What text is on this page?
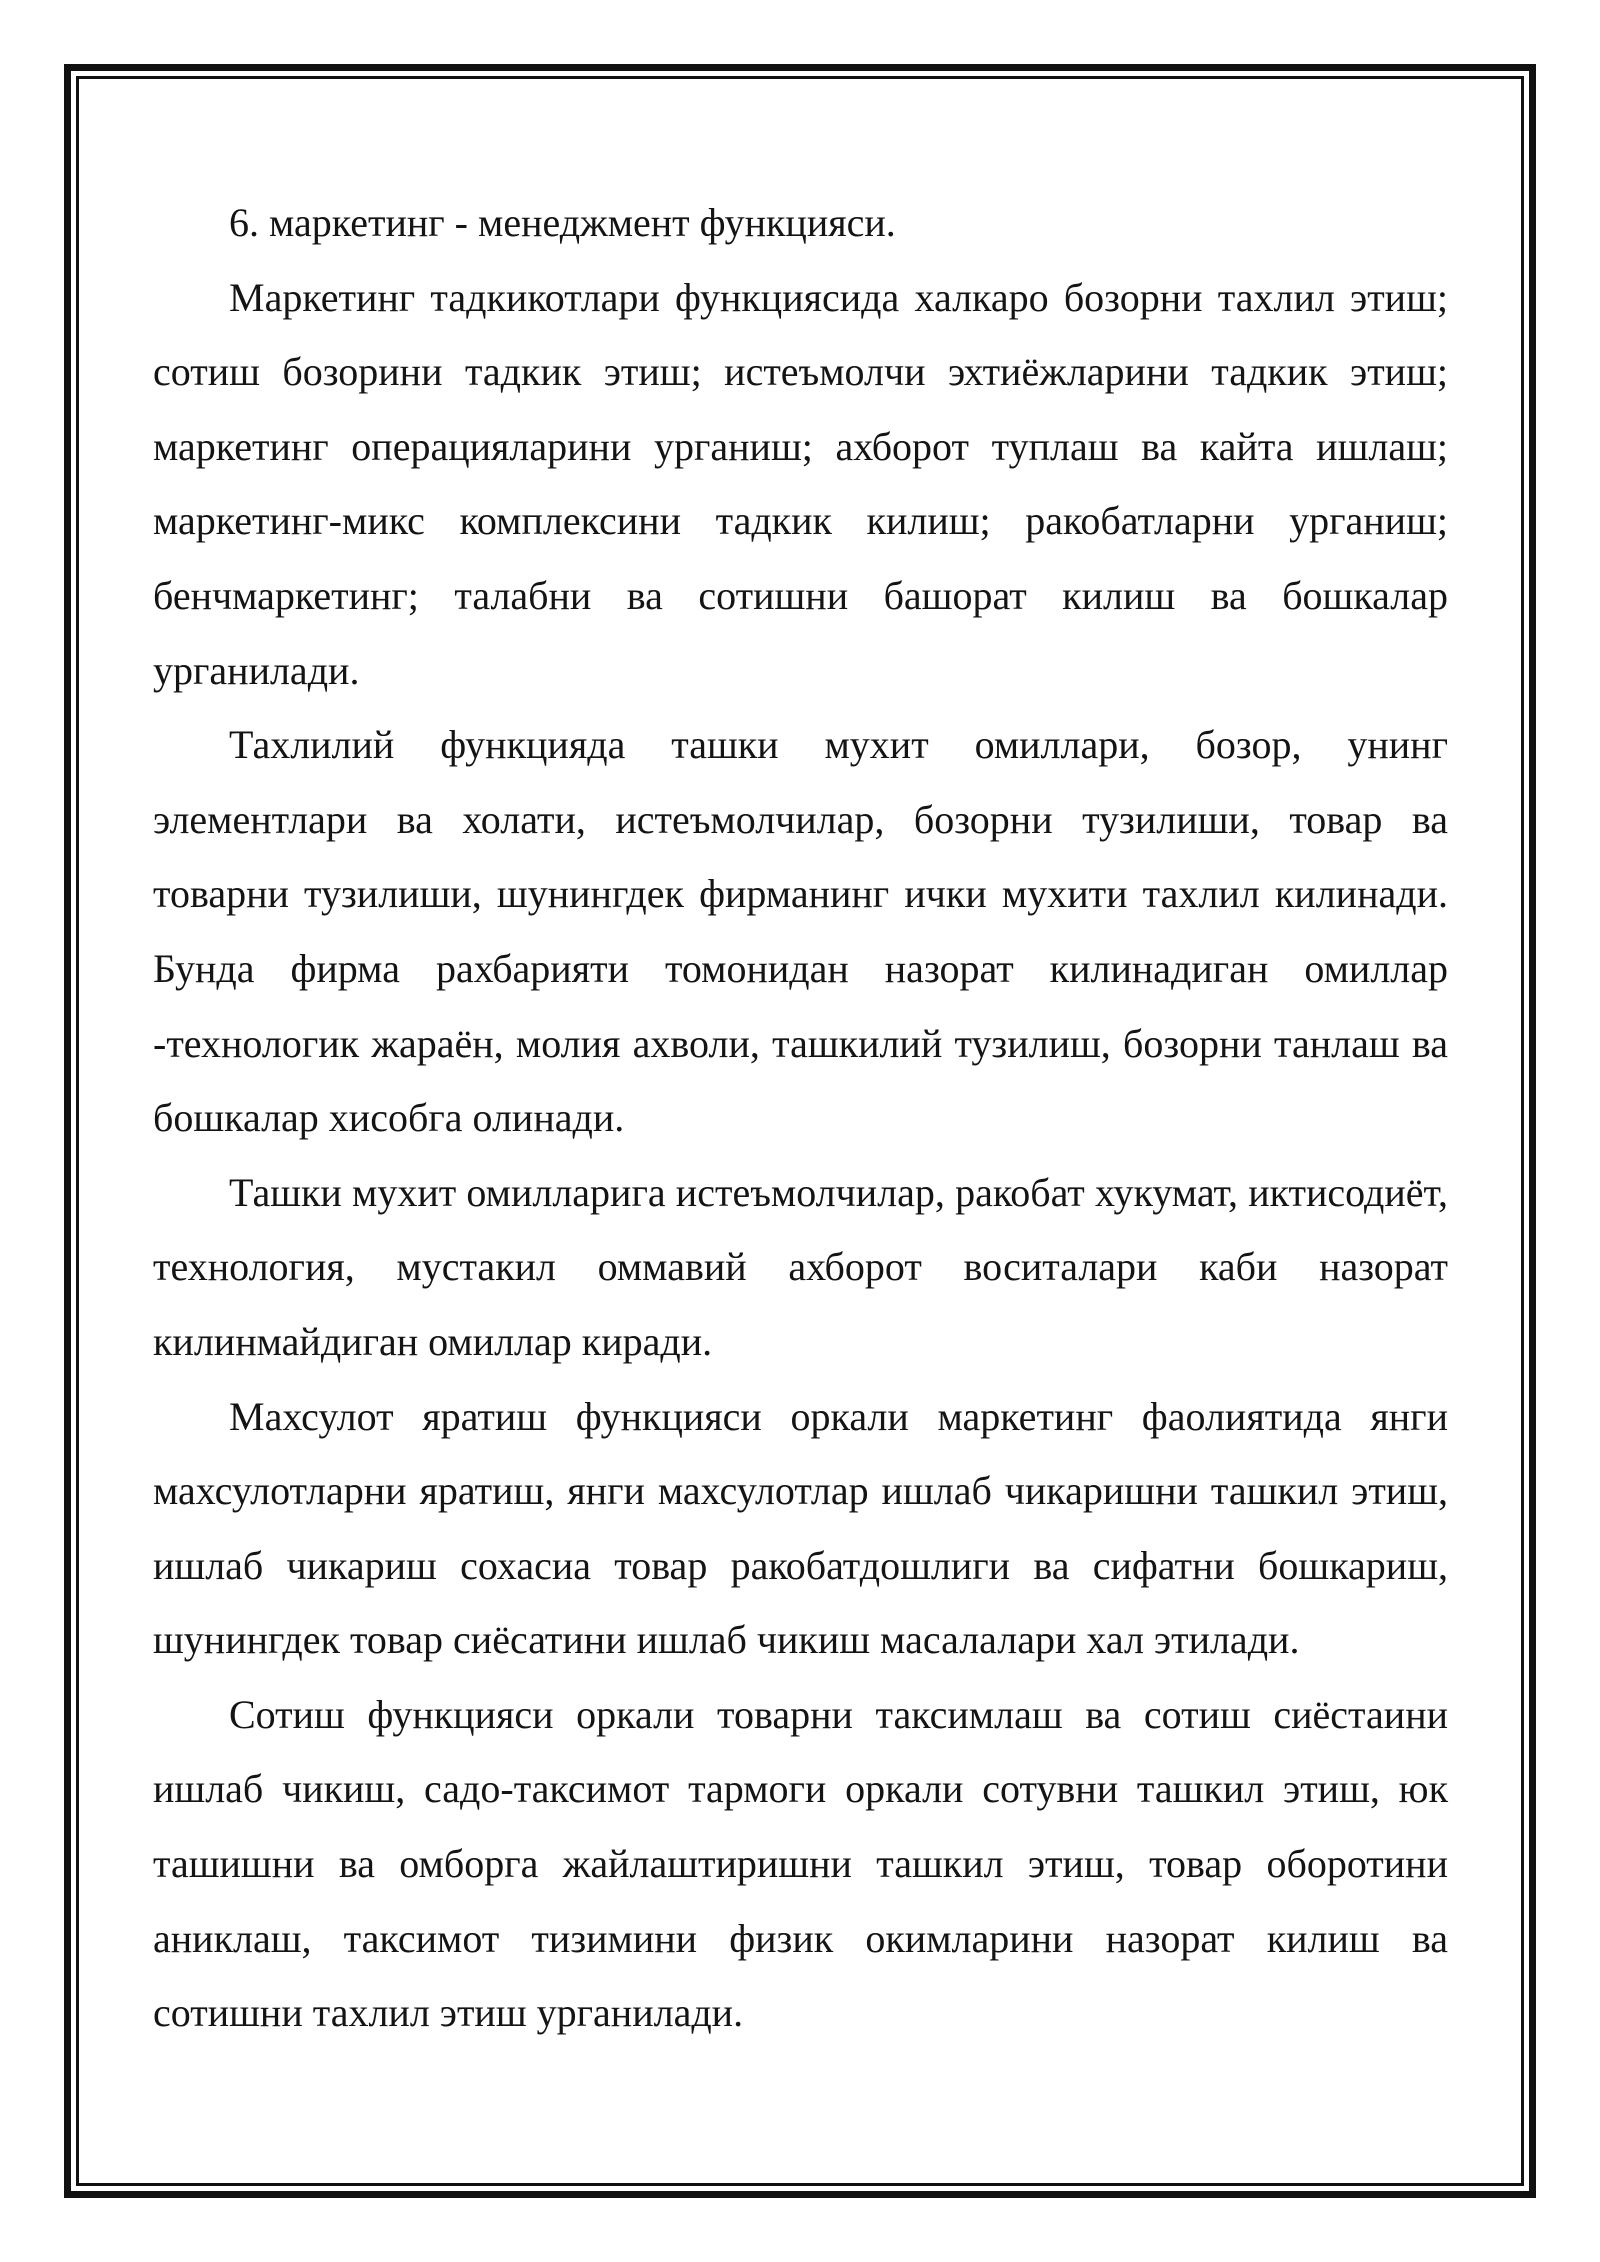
6. маркетинг - менеджмент функцияси.

Маркетинг тадкикотлари функциясида халкаро бозорни тахлил этиш; сотиш бозорини тадкик этиш; истеъмолчи эхтиёжларини тадкик этиш; маркетинг операцияларини урганиш; ахборот туплаш ва кайта ишлаш; маркетинг-микс комплексини тадкик килиш; ракобатларни урганиш; бенчмаркетинг; талабни ва сотишни башорат килиш ва бошкалар урганилади.

Тахлилий функцияда ташки мухит омиллари, бозор, унинг элементлари ва холати, истеъмолчилар, бозорни тузилиши, товар ва товарни тузилиши, шунингдек фирманинг ички мухити тахлил килинади. Бунда фирма рахбарияти томонидан назорат килинадиган омиллар -технологик жараён, молия ахволи, ташкилий тузилиш, бозорни танлаш ва бошкалар хисобга олинади.

Ташки мухит омилларига истеъмолчилар, ракобат хукумат, иктисодиёт, технология, мустакил оммавий ахборот воситалари каби назорат килинмайдиган омиллар киради.

Махсулот яратиш функцияси оркали маркетинг фаолиятида янги махсулотларни яратиш, янги махсулотлар ишлаб чикаришни ташкил этиш, ишлаб чикариш сохасиа товар ракобатдошлиги ва сифатни бошкариш, шунингдек товар сиёсатини ишлаб чикиш масалалари хал этилади.

Сотиш функцияси оркали товарни таксимлаш ва сотиш сиёстаини ишлаб чикиш, садо-таксимот тармоги оркали сотувни ташкил этиш, юк ташишни ва омборга жайлаштиришни ташкил этиш, товар оборотини аниклаш, таксимот тизимини физик окимларини назорат килиш ва сотишни тахлил этиш урганилади.
